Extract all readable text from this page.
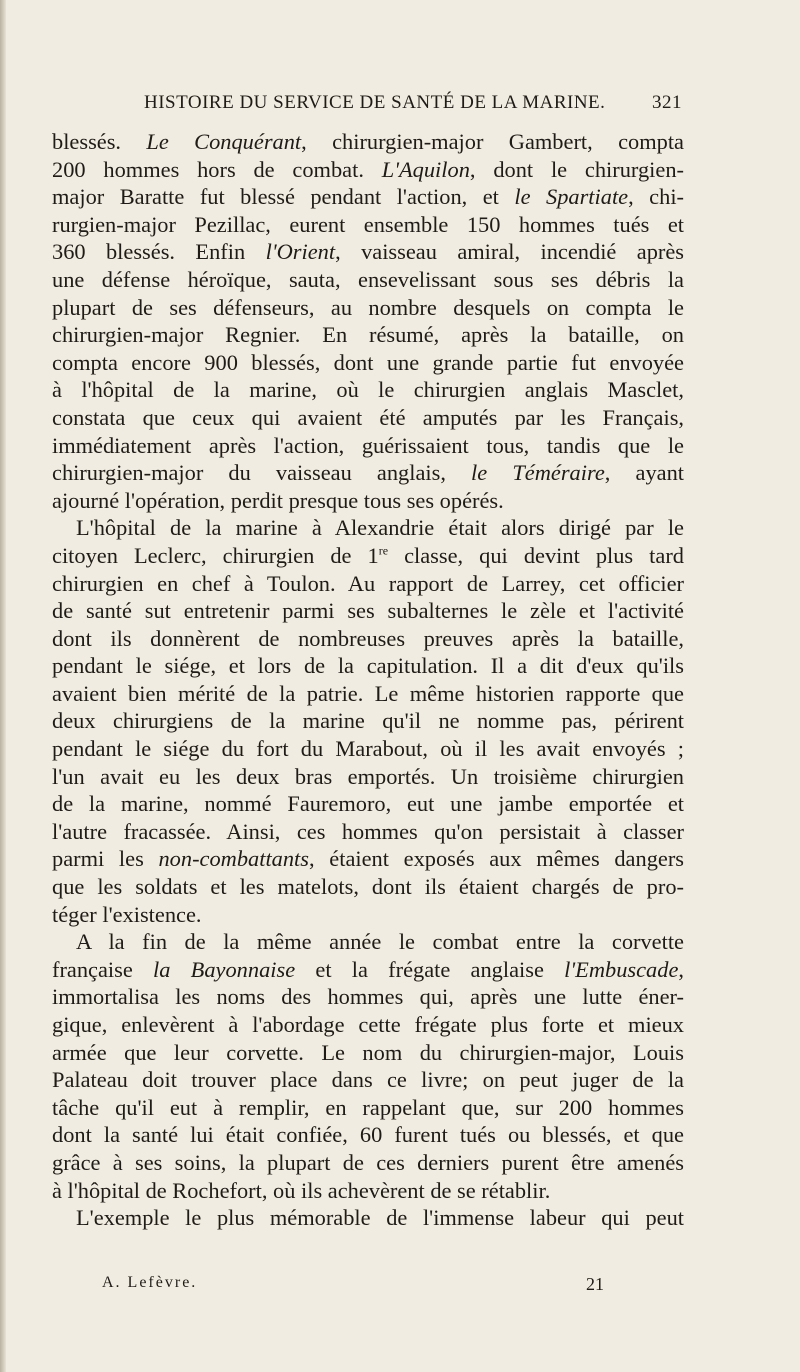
HISTOIRE DU SERVICE DE SANTÉ DE LA MARINE. 321
blessés. Le Conquérant, chirurgien-major Gambert, compta
200 hommes hors de combat. L'Aquilon, dont le chirurgien-
major Baratte fut blessé pendant l'action, et le Spartiate, chi-
rurgien-major Pezillac, eurent ensemble 150 hommes tués et
360 blessés. Enfin l'Orient, vaisseau amiral, incendié après
une défense héroïque, sauta, ensevelissant sous ses débris la
plupart de ses défenseurs, au nombre desquels on compta le
chirurgien-major Regnier. En résumé, après la bataille, on
compta encore 900 blessés, dont une grande partie fut envoyée
à l'hôpital de la marine, où le chirurgien anglais Masclet,
constata que ceux qui avaient été amputés par les Français,
immédiatement après l'action, guérissaient tous, tandis que le
chirurgien-major du vaisseau anglais, le Téméraire, ayant
ajourné l'opération, perdit presque tous ses opérés.
L'hôpital de la marine à Alexandrie était alors dirigé par le
citoyen Leclerc, chirurgien de 1re classe, qui devint plus tard
chirurgien en chef à Toulon. Au rapport de Larrey, cet officier
de santé sut entretenir parmi ses subalternes le zèle et l'activité
dont ils donnèrent de nombreuses preuves après la bataille,
pendant le siége, et lors de la capitulation. Il a dit d'eux qu'ils
avaient bien mérité de la patrie. Le même historien rapporte que
deux chirurgiens de la marine qu'il ne nomme pas, périrent
pendant le siége du fort du Marabout, où il les avait envoyés ;
l'un avait eu les deux bras emportés. Un troisième chirurgien
de la marine, nommé Fauremoro, eut une jambe emportée et
l'autre fracassée. Ainsi, ces hommes qu'on persistait à classer
parmi les non-combattants, étaient exposés aux mêmes dangers
que les soldats et les matelots, dont ils étaient chargés de pro-
téger l'existence.
A la fin de la même année le combat entre la corvette
française la Bayonnaise et la frégate anglaise l'Embuscade,
immortalisa les noms des hommes qui, après une lutte éner-
gique, enlevèrent à l'abordage cette frégate plus forte et mieux
armée que leur corvette. Le nom du chirurgien-major, Louis
Palateau doit trouver place dans ce livre; on peut juger de la
tâche qu'il eut à remplir, en rappelant que, sur 200 hommes
dont la santé lui était confiée, 60 furent tués ou blessés, et que
grâce à ses soins, la plupart de ces derniers purent être amenés
à l'hôpital de Rochefort, où ils achevèrent de se rétablir.
L'exemple le plus mémorable de l'immense labeur qui peut
A. Lefèvre.	21
